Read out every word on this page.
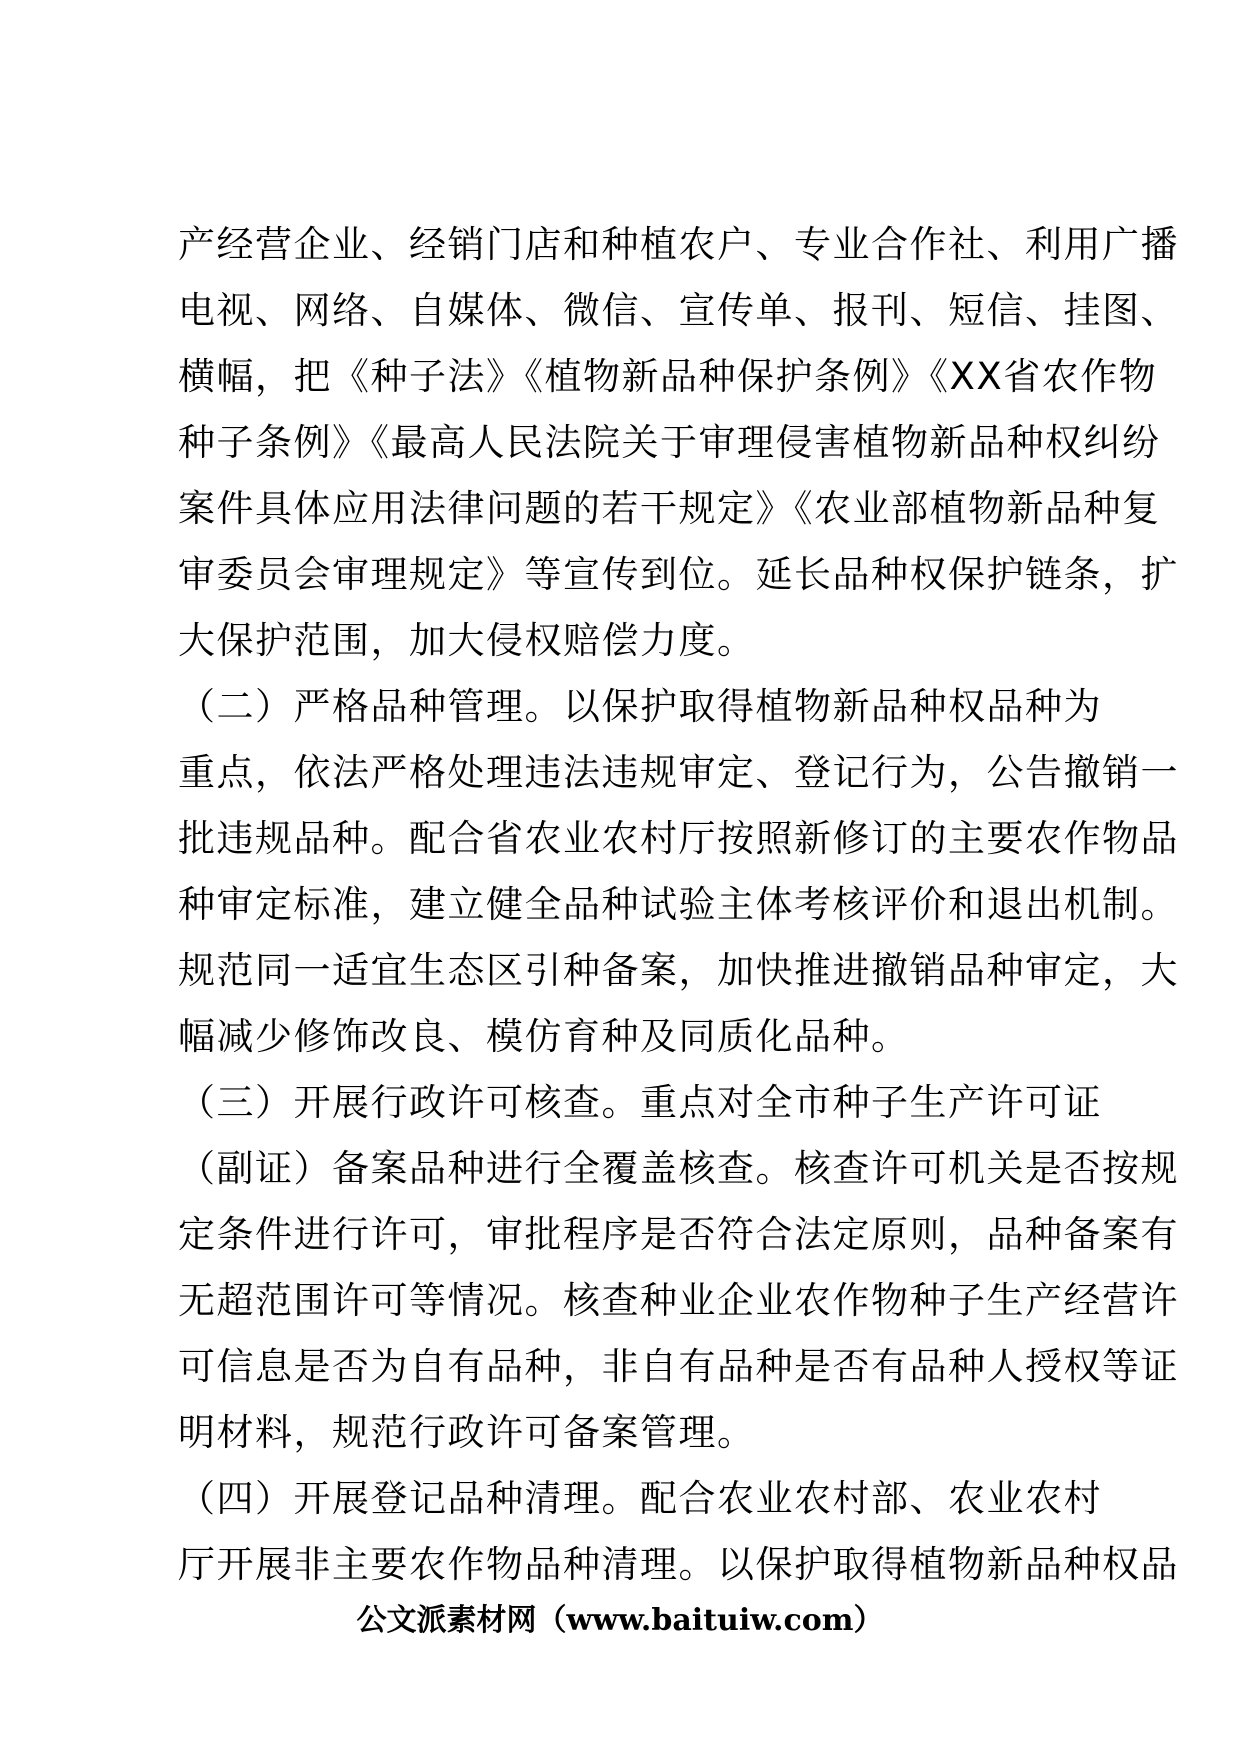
产经营企业、经销门店和种植农户、专业合作社、利用广播
电视、网络、自媒体、微信、宣传单、报刊、短信、挂图、
横幅，把《种子法》《植物新品种保护条例》《XX省农作物
种子条例》《最高人民法院关于审理侵害植物新品种权纠纷
案件具体应用法律问题的若干规定》《农业部植物新品种复
审委员会审理规定》等宣传到位。延长品种权保护链条，扩
大保护范围，加大侵权赔偿力度。
（二）严格品种管理。以保护取得植物新品种权品种为
重点，依法严格处理违法违规审定、登记行为，公告撤销一
批违规品种。配合省农业农村厅按照新修订的主要农作物品
种审定标准，建立健全品种试验主体考核评价和退出机制。
规范同一适宜生态区引种备案，加快推进撤销品种审定，大
幅减少修饰改良、模仿育种及同质化品种。
（三）开展行政许可核查。重点对全市种子生产许可证
（副证）备案品种进行全覆盖核查。核查许可机关是否按规
定条件进行许可，审批程序是否符合法定原则，品种备案有
无超范围许可等情况。核查种业企业农作物种子生产经营许
可信息是否为自有品种，非自有品种是否有品种人授权等证
明材料，规范行政许可备案管理。
（四）开展登记品种清理。配合农业农村部、农业农村
厅开展非主要农作物品种清理。以保护取得植物新品种权品
公文派素材网（www.baituiw.com）
